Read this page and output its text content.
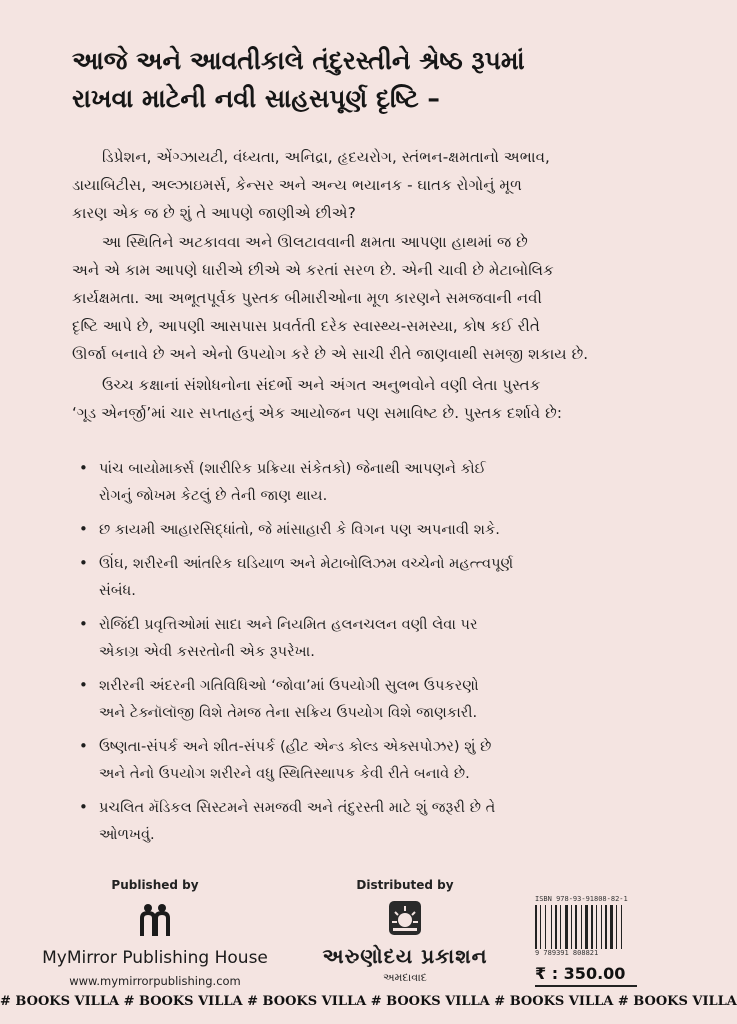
આજે અને આવતીકાલે તંદુરસ્તીને શ્રેષ્ઠ રૂપમાં
રાખવા માટેની નવી સાહસપૂર્ણ દૃષ્ટિ –
ડિપ્રેશન, એંગ્ઝાયટી, વંધ્યતા, અનિદ્રા, હૃદયરોગ, સ્તંભન-ક્ષમતાનો અભાવ,
ડાયાબિટીસ, અલ્ઝાઇમર્સ, કેન્સર અને અન્ય ભયાનક - ઘાતક રોગોનું મૂળ
કારણ એક જ છે શું તે આપણે જાણીએ છીએ?
આ સ્થિતિને અટકાવવા અને ઊલટાવવાની ક્ષમતા આપણા હાથમાં જ છે
અને એ કામ આપણે ધારીએ છીએ એ કરતાં સરળ છે. એની ચાવી છે મેટાબોલિક
કાર્યક્ષમતા. આ અભૂતપૂર્વક પુસ્તક બીમારીઓના મૂળ કારણને સમજવાની નવી
દૃષ્ટિ આપે છે, આપણી આસપાસ પ્રવર્તતી દરેક સ્વાસ્થ્ય-સમસ્યા, કોષ કઈ રીતે
ઊર્જા બનાવે છે અને એનો ઉપયોગ કરે છે એ સાચી રીતે જાણવાથી સમજી શકાય છે.
ઉચ્ચ કક્ષાનાં સંશોધનોના સંદર્ભો અને અંગત અનુભવોને વણી લેતા પુસ્તક
‘ગૂડ એનર્જી’માં ચાર સપ્તાહનું એક આયોજન પણ સમાવિષ્ટ છે. પુસ્તક દર્શાવે છે:
• પાંચ બાયોમાર્ક્સ (શારીરિક પ્રક્રિયા સંકેતકો) જેનાથી આપણને કોઈ
રોગનું જોખમ કેટલું છે તેની જાણ થાય.
• છ કાયમી આહારસિદ્ધાંતો, જે માંસાહારી કે વિગન પણ અપનાવી શકે.
• ઊંઘ, શરીરની આંતરિક ઘડિયાળ અને મેટાબોલિઝમ વચ્ચેનો મહત્ત્વપૂર્ણ
સંબંધ.
• રોજિંદી પ્રવૃત્તિઓમાં સાદા અને નિયમિત હલનચલન વણી લેવા પર
એકાગ્ર એવી કસરતોની એક રૂપરેખા.
• શરીરની અંદરની ગતિવિધિઓ ‘જોવા’માં ઉપયોગી સુલભ ઉપકરણો
અને ટેક્નૉલૉજી વિશે તેમજ તેના સક્રિય ઉપયોગ વિશે જાણકારી.
• ઉષ્ણતા-સંપર્ક અને શીત-સંપર્ક (હીટ એન્ડ કોલ્ડ એક્સપોઝર) શું છે
અને તેનો ઉપયોગ શરીરને વધુ સ્થિતિસ્થાપક કેવી રીતે બનાવે છે.
• પ્રચલિત મૅડિકલ સિસ્ટમને સમજવી અને તંદુરસ્તી માટે શું જરૂરી છે તે
ઓળખવું.
Published by
MyMirror Publishing House
www.mymirrorpublishing.com
Distributed by
અરુણોદય પ્રકાશન
અમદાવાદ
ISBN 978-93-91808-82-1
9 789391 808821
₹ : 350.00
# BOOKS VILLA # BOOKS VILLA # BOOKS VILLA # BOOKS VILLA # BOOKS VILLA # BOOKS VILLA
